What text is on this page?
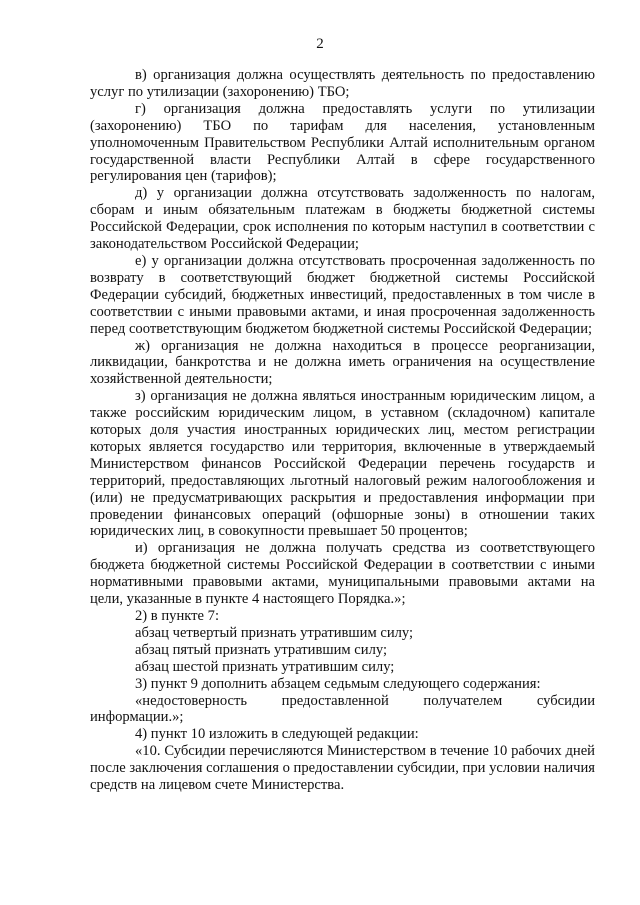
2

в) организация должна осуществлять деятельность по предоставлению услуг по утилизации (захоронению) ТБО;

г) организация должна предоставлять услуги по утилизации (захоронению) ТБО по тарифам для населения, установленным уполномоченным Правительством Республики Алтай исполнительным органом государственной власти Республики Алтай в сфере государственного регулирования цен (тарифов);

д) у организации должна отсутствовать задолженность по налогам, сборам и иным обязательным платежам в бюджеты бюджетной системы Российской Федерации, срок исполнения по которым наступил в соответствии с законодательством Российской Федерации;

е) у организации должна отсутствовать просроченная задолженность по возврату в соответствующий бюджет бюджетной системы Российской Федерации субсидий, бюджетных инвестиций, предоставленных в том числе в соответствии с иными правовыми актами, и иная просроченная задолженность перед соответствующим бюджетом бюджетной системы Российской Федерации;

ж) организация не должна находиться в процессе реорганизации, ликвидации, банкротства и не должна иметь ограничения на осуществление хозяйственной деятельности;

з) организация не должна являться иностранным юридическим лицом, а также российским юридическим лицом, в уставном (складочном) капитале которых доля участия иностранных юридических лиц, местом регистрации которых является государство или территория, включенные в утверждаемый Министерством финансов Российской Федерации перечень государств и территорий, предоставляющих льготный налоговый режим налогообложения и (или) не предусматривающих раскрытия и предоставления информации при проведении финансовых операций (офшорные зоны) в отношении таких юридических лиц, в совокупности превышает 50 процентов;

и) организация не должна получать средства из соответствующего бюджета бюджетной системы Российской Федерации в соответствии с иными нормативными правовыми актами, муниципальными правовыми актами на цели, указанные в пункте 4 настоящего Порядка.»;

2) в пункте 7:

абзац четвертый признать утратившим силу;

абзац пятый признать утратившим силу;

абзац шестой признать утратившим силу;

3) пункт 9 дополнить абзацем седьмым следующего содержания:

«недостоверность предоставленной получателем субсидии информации.»;

4) пункт 10 изложить в следующей редакции:

«10. Субсидии перечисляются Министерством в течение 10 рабочих дней после заключения соглашения о предоставлении субсидии, при условии наличия средств на лицевом счете Министерства.
